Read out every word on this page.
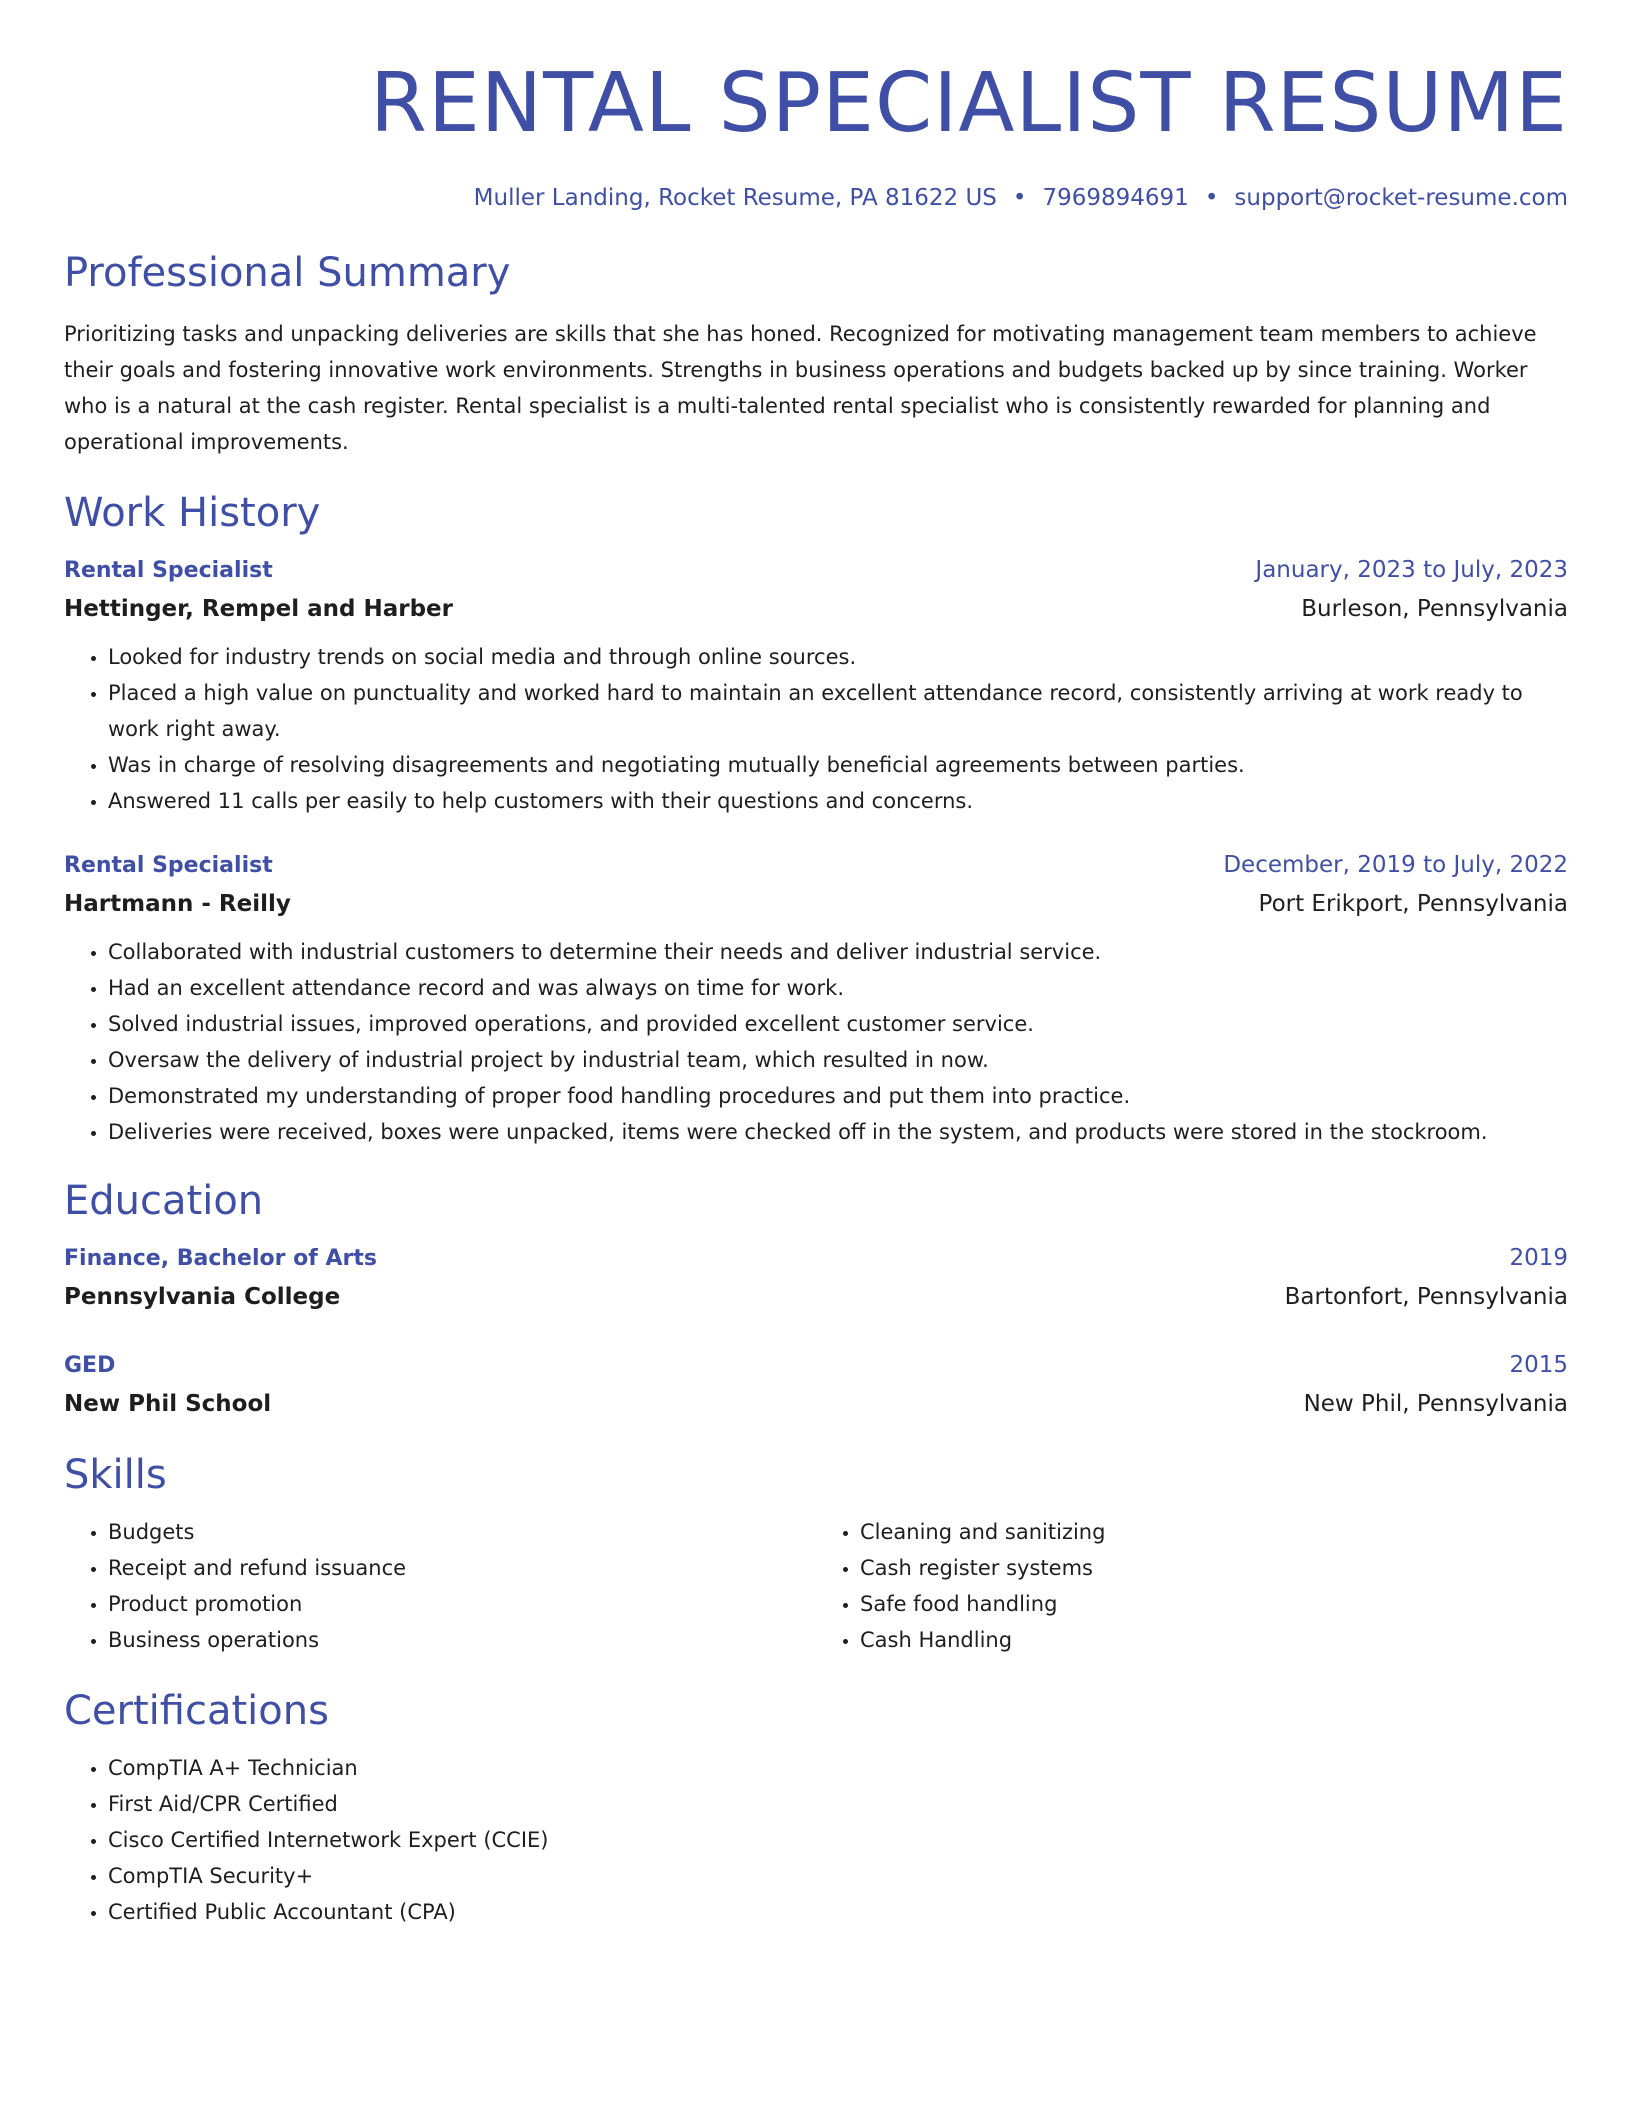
RENTAL SPECIALIST RESUME
Muller Landing, Rocket Resume, PA 81622 US • 7969894691 • support@rocket-resume.com
Professional Summary
Prioritizing tasks and unpacking deliveries are skills that she has honed. Recognized for motivating management team members to achieve their goals and fostering innovative work environments. Strengths in business operations and budgets backed up by since training. Worker who is a natural at the cash register. Rental specialist is a multi-talented rental specialist who is consistently rewarded for planning and operational improvements.
Work History
Rental Specialist	January, 2023 to July, 2023
Hettinger, Rempel and Harber	Burleson, Pennsylvania
• Looked for industry trends on social media and through online sources.
• Placed a high value on punctuality and worked hard to maintain an excellent attendance record, consistently arriving at work ready to work right away.
• Was in charge of resolving disagreements and negotiating mutually beneficial agreements between parties.
• Answered 11 calls per easily to help customers with their questions and concerns.
Rental Specialist	December, 2019 to July, 2022
Hartmann - Reilly	Port Erikport, Pennsylvania
• Collaborated with industrial customers to determine their needs and deliver industrial service.
• Had an excellent attendance record and was always on time for work.
• Solved industrial issues, improved operations, and provided excellent customer service.
• Oversaw the delivery of industrial project by industrial team, which resulted in now.
• Demonstrated my understanding of proper food handling procedures and put them into practice.
• Deliveries were received, boxes were unpacked, items were checked off in the system, and products were stored in the stockroom.
Education
Finance, Bachelor of Arts	2019
Pennsylvania College	Bartonfort, Pennsylvania
GED	2015
New Phil School	New Phil, Pennsylvania
Skills
• Budgets
• Receipt and refund issuance
• Product promotion
• Business operations
• Cleaning and sanitizing
• Cash register systems
• Safe food handling
• Cash Handling
Certifications
• CompTIA A+ Technician
• First Aid/CPR Certified
• Cisco Certified Internetwork Expert (CCIE)
• CompTIA Security+
• Certified Public Accountant (CPA)
